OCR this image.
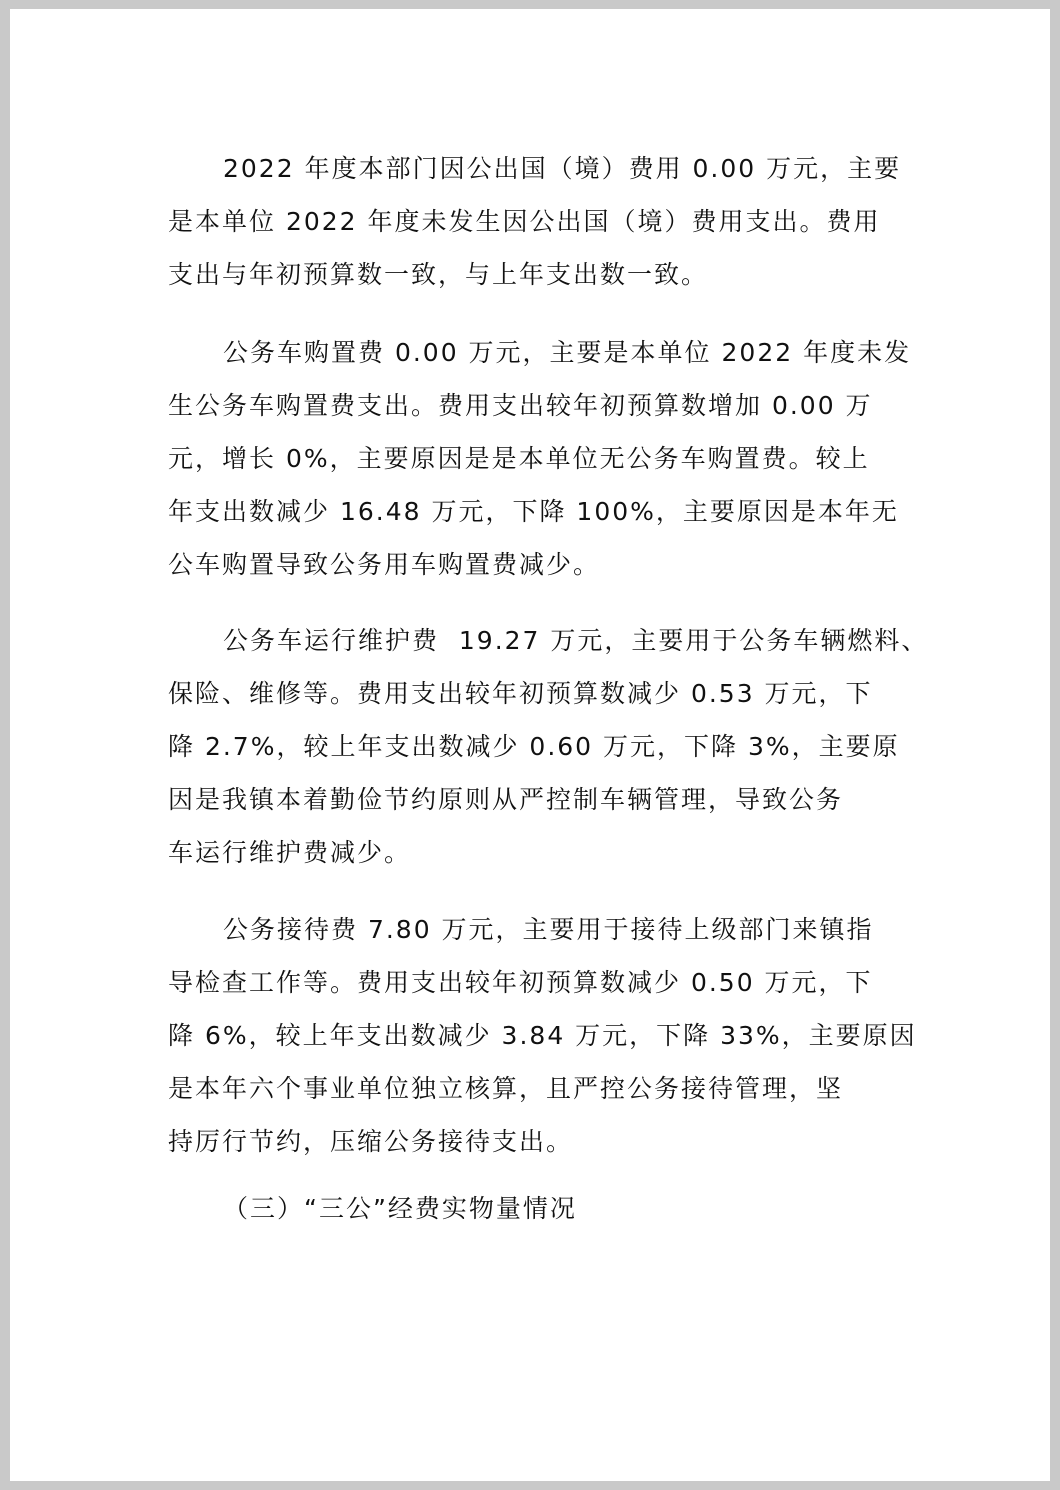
2022 年度本部门因公出国（境）费用 0.00 万元，主要
是本单位 2022 年度未发生因公出国（境）费用支出。费用
支出与年初预算数一致，与上年支出数一致。
公务车购置费 0.00 万元，主要是本单位 2022 年度未发
生公务车购置费支出。费用支出较年初预算数增加 0.00 万
元，增长 0%，主要原因是是本单位无公务车购置费。较上
年支出数减少 16.48 万元，下降 100%，主要原因是本年无
公车购置导致公务用车购置费减少。
公务车运行维护费  19.27 万元，主要用于公务车辆燃料、
保险、维修等。费用支出较年初预算数减少 0.53 万元，下
降 2.7%，较上年支出数减少 0.60 万元，下降 3%，主要原
因是我镇本着勤俭节约原则从严控制车辆管理，导致公务
车运行维护费减少。
公务接待费 7.80 万元，主要用于接待上级部门来镇指
导检查工作等。费用支出较年初预算数减少 0.50 万元，下
降 6%，较上年支出数减少 3.84 万元，下降 33%，主要原因
是本年六个事业单位独立核算，且严控公务接待管理，坚
持厉行节约，压缩公务接待支出。
（三）“三公”经费实物量情况
